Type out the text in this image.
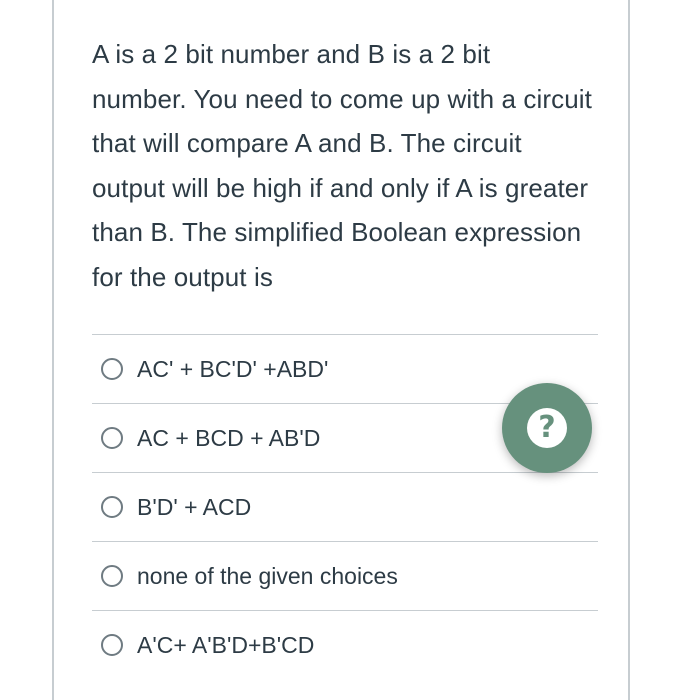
A is a 2 bit number and B is a 2 bit number. You need to come up with a circuit that will compare A and B. The circuit output will be high if and only if A is greater than B. The simplified Boolean expression for the output is

AC' + BC'D' +ABD'
AC + BCD + AB'D
B'D' + ACD
none of the given choices
A'C+ A'B'D+B'CD
?
